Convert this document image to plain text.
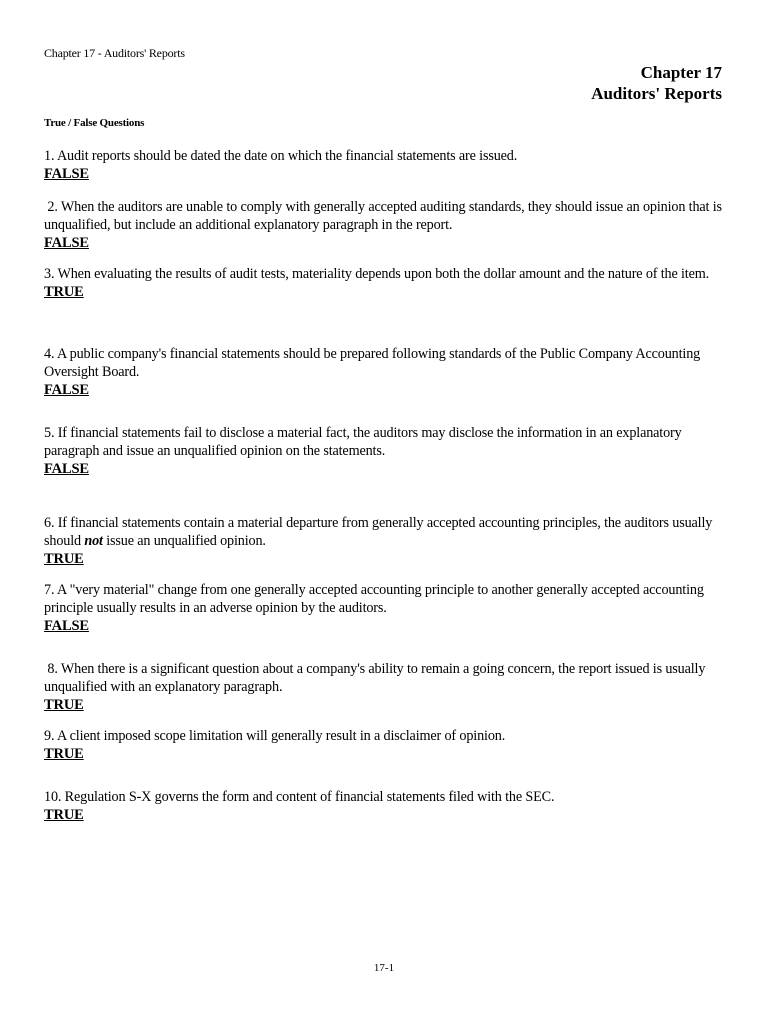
Chapter 17 - Auditors' Reports
Chapter 17
Auditors' Reports
True / False Questions
1. Audit reports should be dated the date on which the financial statements are issued.
FALSE
2. When the auditors are unable to comply with generally accepted auditing standards, they should issue an opinion that is unqualified, but include an additional explanatory paragraph in the report.
FALSE
3. When evaluating the results of audit tests, materiality depends upon both the dollar amount and the nature of the item.
TRUE
4. A public company's financial statements should be prepared following standards of the Public Company Accounting Oversight Board.
FALSE
5. If financial statements fail to disclose a material fact, the auditors may disclose the information in an explanatory paragraph and issue an unqualified opinion on the statements.
FALSE
6. If financial statements contain a material departure from generally accepted accounting principles, the auditors usually should not issue an unqualified opinion.
TRUE
7. A "very material" change from one generally accepted accounting principle to another generally accepted accounting principle usually results in an adverse opinion by the auditors.
FALSE
8. When there is a significant question about a company's ability to remain a going concern, the report issued is usually unqualified with an explanatory paragraph.
TRUE
9. A client imposed scope limitation will generally result in a disclaimer of opinion.
TRUE
10. Regulation S-X governs the form and content of financial statements filed with the SEC.
TRUE
17-1
